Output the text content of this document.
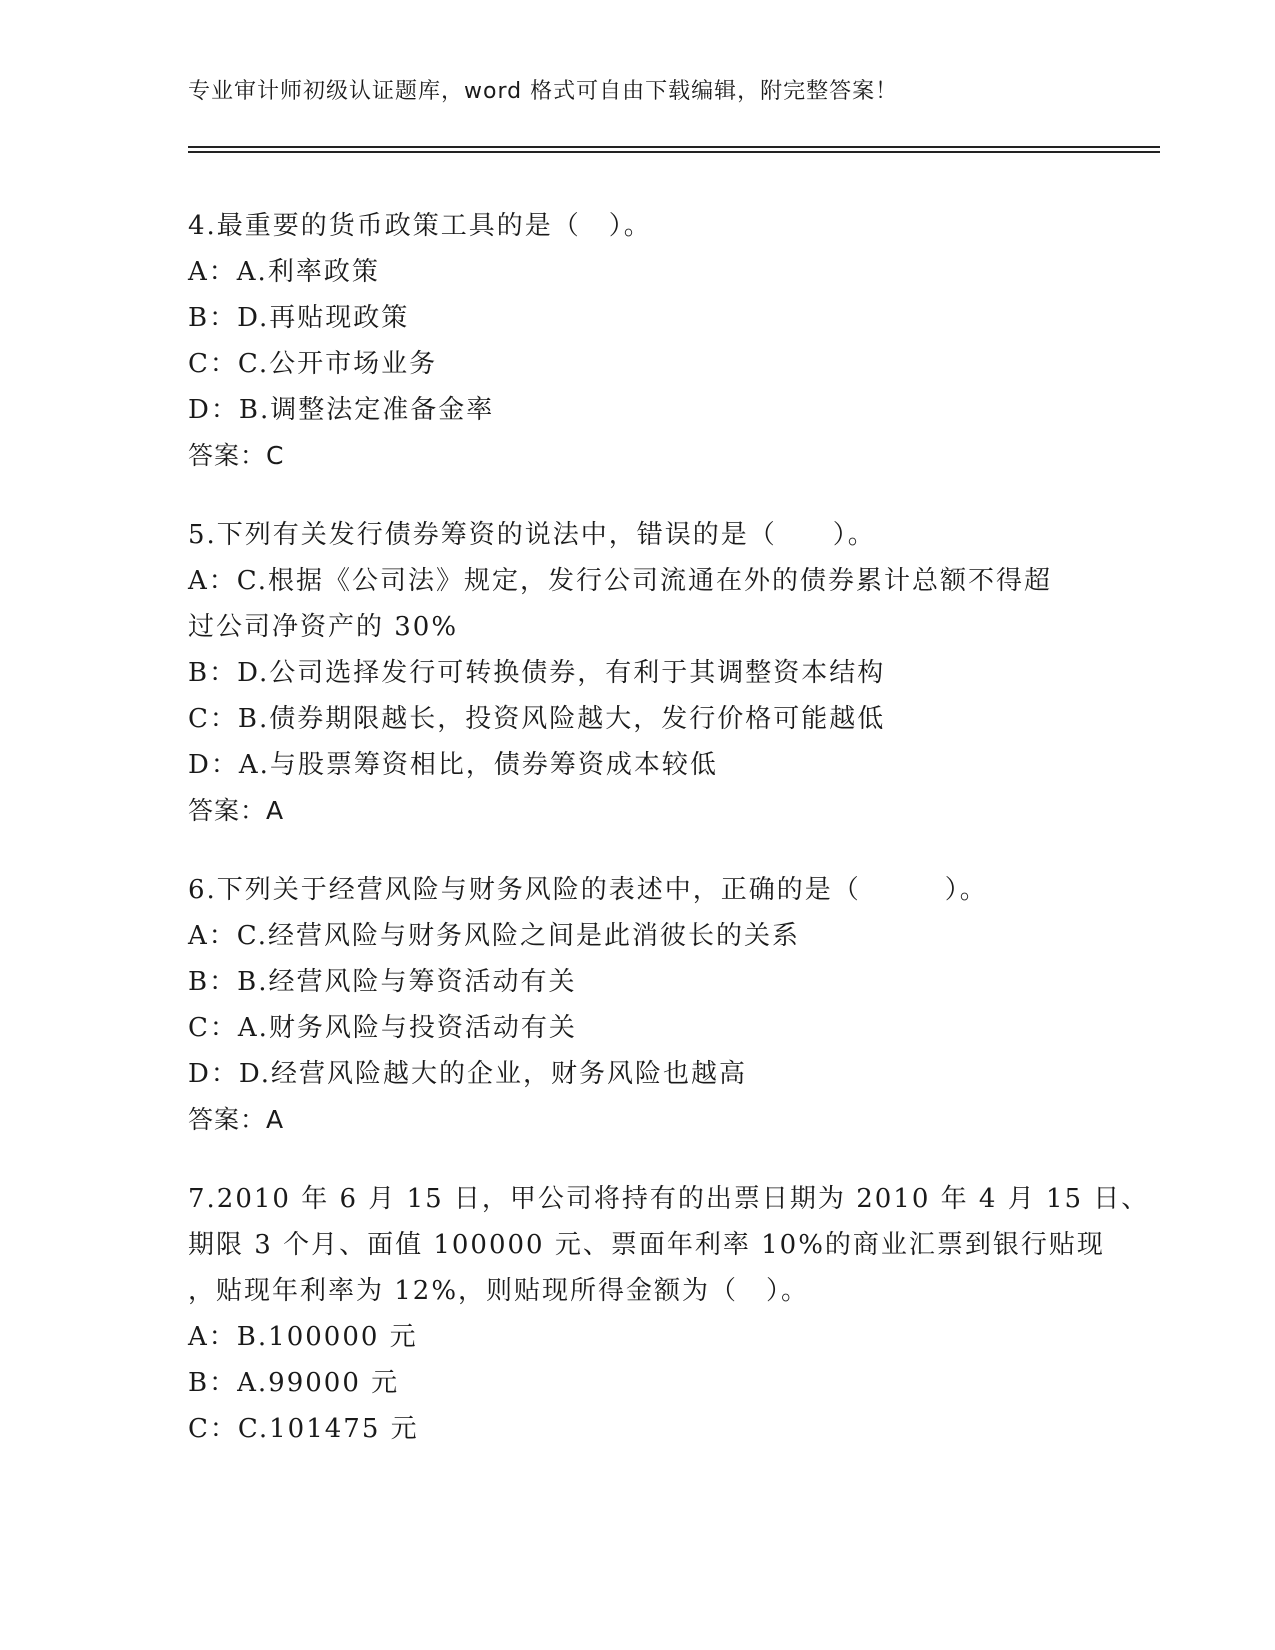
专业审计师初级认证题库，word 格式可自由下载编辑，附完整答案！
4.最重要的货币政策工具的是（　）。
A：A.利率政策
B：D.再贴现政策
C：C.公开市场业务
D：B.调整法定准备金率
答案：C
5.下列有关发行债券筹资的说法中，错误的是（　　）。
A：C.根据《公司法》规定，发行公司流通在外的债券累计总额不得超
过公司净资产的 30%
B：D.公司选择发行可转换债券，有利于其调整资本结构
C：B.债券期限越长，投资风险越大，发行价格可能越低
D：A.与股票筹资相比，债券筹资成本较低
答案：A
6.下列关于经营风险与财务风险的表述中，正确的是（　　　）。
A：C.经营风险与财务风险之间是此消彼长的关系
B：B.经营风险与筹资活动有关
C：A.财务风险与投资活动有关
D：D.经营风险越大的企业，财务风险也越高
答案：A
7.2010 年 6 月 15 日，甲公司将持有的出票日期为 2010 年 4 月 15 日、
期限 3 个月、面值 100000 元、票面年利率 10%的商业汇票到银行贴现
，贴现年利率为 12%，则贴现所得金额为（　）。
A：B.100000 元
B：A.99000 元
C：C.101475 元
